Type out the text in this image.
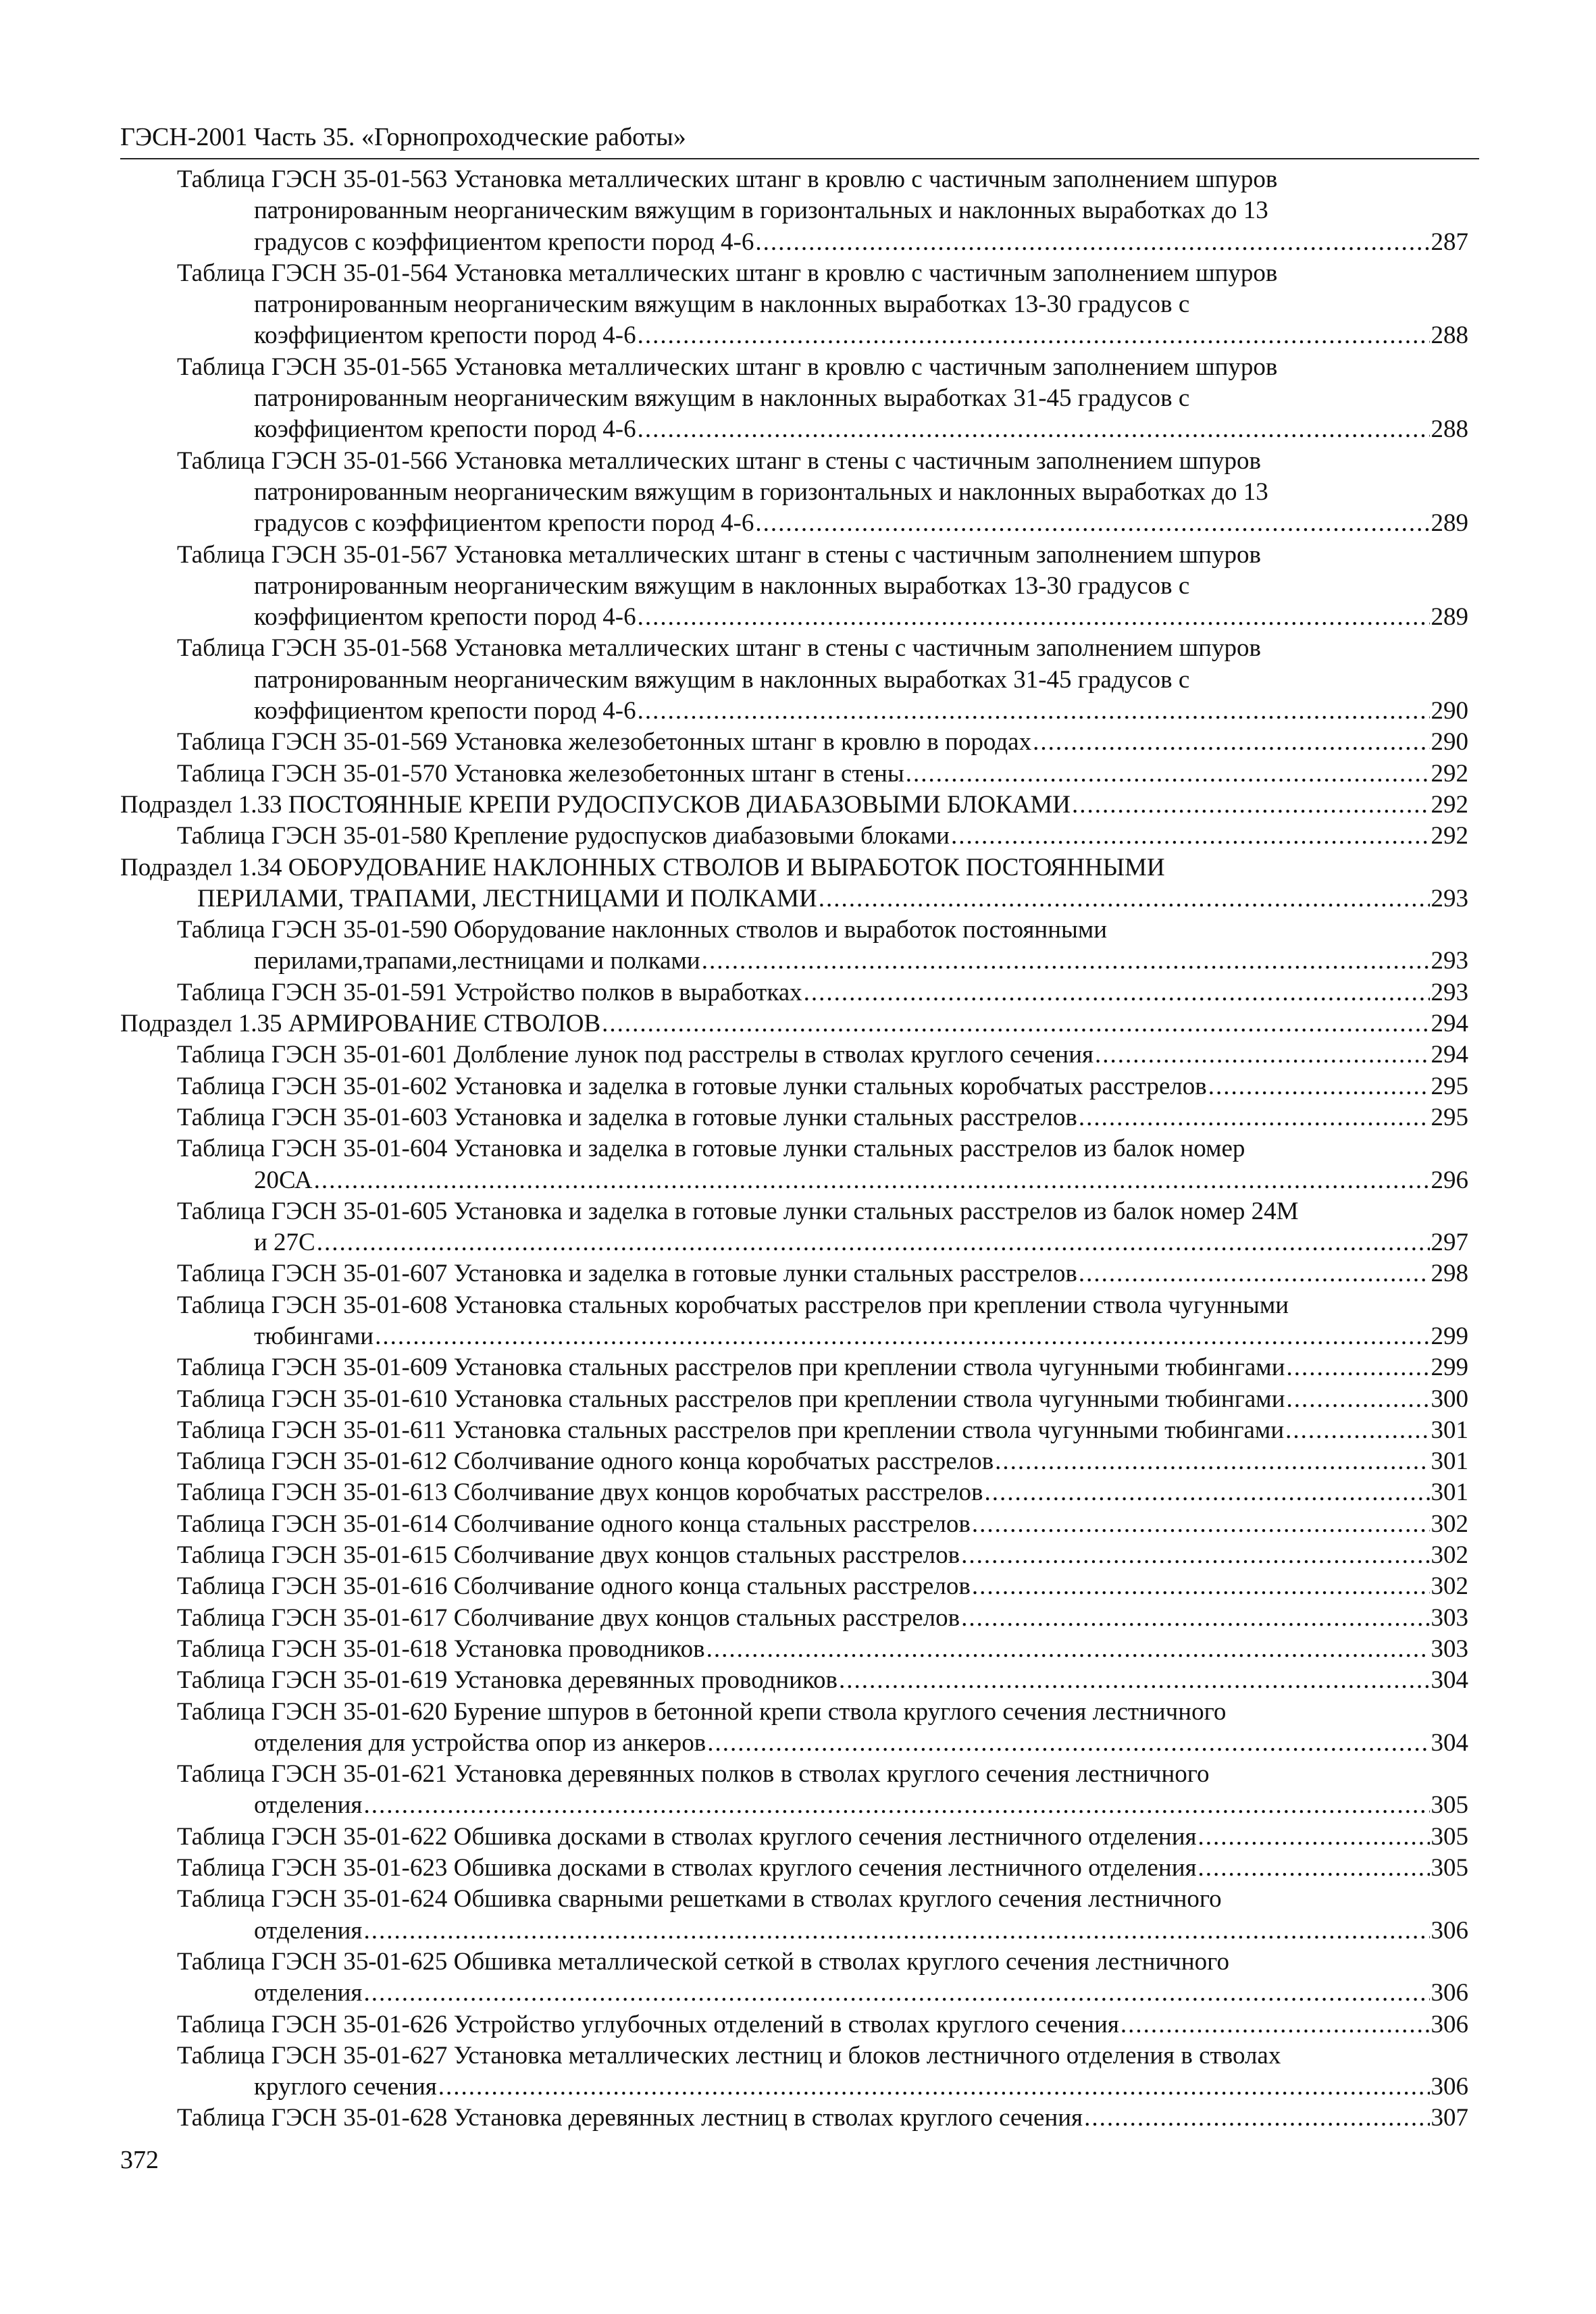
ГЭСН-2001 Часть 35. «Горнопроходческие работы»
Таблица ГЭСН 35-01-563 Установка металлических штанг в кровлю с частичным заполнением шпуров
патронированным неорганическим вяжущим в горизонтальных и наклонных выработках до 13
градусов с коэффициентом крепости пород 4-6 .....	287
Таблица ГЭСН 35-01-564 Установка металлических штанг в кровлю с частичным заполнением шпуров
патронированным неорганическим вяжущим в наклонных выработках 13-30 градусов с
коэффициентом крепости пород 4-6 .....	288
Таблица ГЭСН 35-01-565 Установка металлических штанг в кровлю с частичным заполнением шпуров
патронированным неорганическим вяжущим в наклонных выработках 31-45 градусов с
коэффициентом крепости пород 4-6 .....	288
Таблица ГЭСН 35-01-566 Установка металлических штанг в стены с частичным заполнением шпуров
патронированным неорганическим вяжущим в горизонтальных и наклонных выработках до 13
градусов с коэффициентом крепости пород 4-6 .....	289
Таблица ГЭСН 35-01-567 Установка металлических штанг в стены с частичным заполнением шпуров
патронированным неорганическим вяжущим в наклонных выработках 13-30 градусов с
коэффициентом крепости пород 4-6 .....	289
Таблица ГЭСН 35-01-568 Установка металлических штанг в стены с частичным заполнением шпуров
патронированным неорганическим вяжущим в наклонных выработках 31-45 градусов с
коэффициентом крепости пород 4-6 .....	290
Таблица ГЭСН 35-01-569 Установка железобетонных штанг в кровлю в породах .....	290
Таблица ГЭСН 35-01-570 Установка железобетонных штанг в стены .....	292
Подраздел 1.33 ПОСТОЯННЫЕ КРЕПИ РУДОСПУСКОВ ДИАБАЗОВЫМИ БЛОКАМИ .....	292
Таблица ГЭСН 35-01-580 Крепление рудоспусков диабазовыми блоками .....	292
Подраздел 1.34 ОБОРУДОВАНИЕ НАКЛОННЫХ СТВОЛОВ И ВЫРАБОТОК ПОСТОЯННЫМИ
ПЕРИЛАМИ, ТРАПАМИ, ЛЕСТНИЦАМИ И ПОЛКАМИ .....	293
Таблица ГЭСН 35-01-590 Оборудование наклонных стволов и выработок постоянными
перилами,трапами,лестницами и полками .....	293
Таблица ГЭСН 35-01-591 Устройство полков в выработках .....	293
Подраздел 1.35 АРМИРОВАНИЕ СТВОЛОВ .....	294
Таблица ГЭСН 35-01-601 Долбление лунок под расстрелы в стволах круглого сечения .....	294
Таблица ГЭСН 35-01-602 Установка и заделка в готовые лунки стальных коробчатых расстрелов .....	295
Таблица ГЭСН 35-01-603 Установка и заделка в готовые лунки стальных расстрелов .....	295
Таблица ГЭСН 35-01-604 Установка и заделка в готовые лунки стальных расстрелов из балок номер
20СА .....	296
Таблица ГЭСН 35-01-605 Установка и заделка в готовые лунки стальных расстрелов из балок номер 24М
и 27С .....	297
Таблица ГЭСН 35-01-607 Установка и заделка в готовые лунки стальных расстрелов .....	298
Таблица ГЭСН 35-01-608 Установка стальных коробчатых расстрелов при креплении ствола чугунными
тюбингами .....	299
Таблица ГЭСН 35-01-609 Установка стальных расстрелов при креплении ствола чугунными тюбингами .....	299
Таблица ГЭСН 35-01-610 Установка стальных расстрелов при креплении ствола чугунными тюбингами .....	300
Таблица ГЭСН 35-01-611 Установка стальных расстрелов при креплении ствола чугунными тюбингами .....	301
Таблица ГЭСН 35-01-612 Сболчивание одного конца коробчатых расстрелов .....	301
Таблица ГЭСН 35-01-613 Сболчивание двух концов коробчатых расстрелов .....	301
Таблица ГЭСН 35-01-614 Сболчивание одного конца стальных расстрелов .....	302
Таблица ГЭСН 35-01-615 Сболчивание двух концов стальных расстрелов .....	302
Таблица ГЭСН 35-01-616 Сболчивание одного конца стальных расстрелов .....	302
Таблица ГЭСН 35-01-617 Сболчивание двух концов стальных расстрелов .....	303
Таблица ГЭСН 35-01-618 Установка проводников .....	303
Таблица ГЭСН 35-01-619 Установка деревянных проводников .....	304
Таблица ГЭСН 35-01-620 Бурение шпуров в бетонной крепи ствола круглого сечения лестничного
отделения для устройства опор из анкеров .....	304
Таблица ГЭСН 35-01-621 Установка деревянных полков в стволах круглого сечения лестничного
отделения .....	305
Таблица ГЭСН 35-01-622 Обшивка досками в стволах круглого сечения лестничного отделения .....	305
Таблица ГЭСН 35-01-623 Обшивка досками в стволах круглого сечения лестничного отделения .....	305
Таблица ГЭСН 35-01-624 Обшивка сварными решетками в стволах круглого сечения лестничного
отделения .....	306
Таблица ГЭСН 35-01-625 Обшивка металлической сеткой в стволах круглого сечения лестничного
отделения .....	306
Таблица ГЭСН 35-01-626 Устройство углубочных отделений в стволах круглого сечения .....	306
Таблица ГЭСН 35-01-627 Установка металлических лестниц и блоков лестничного отделения в стволах
круглого сечения .....	306
Таблица ГЭСН 35-01-628 Установка деревянных лестниц в стволах круглого сечения .....	307
372
